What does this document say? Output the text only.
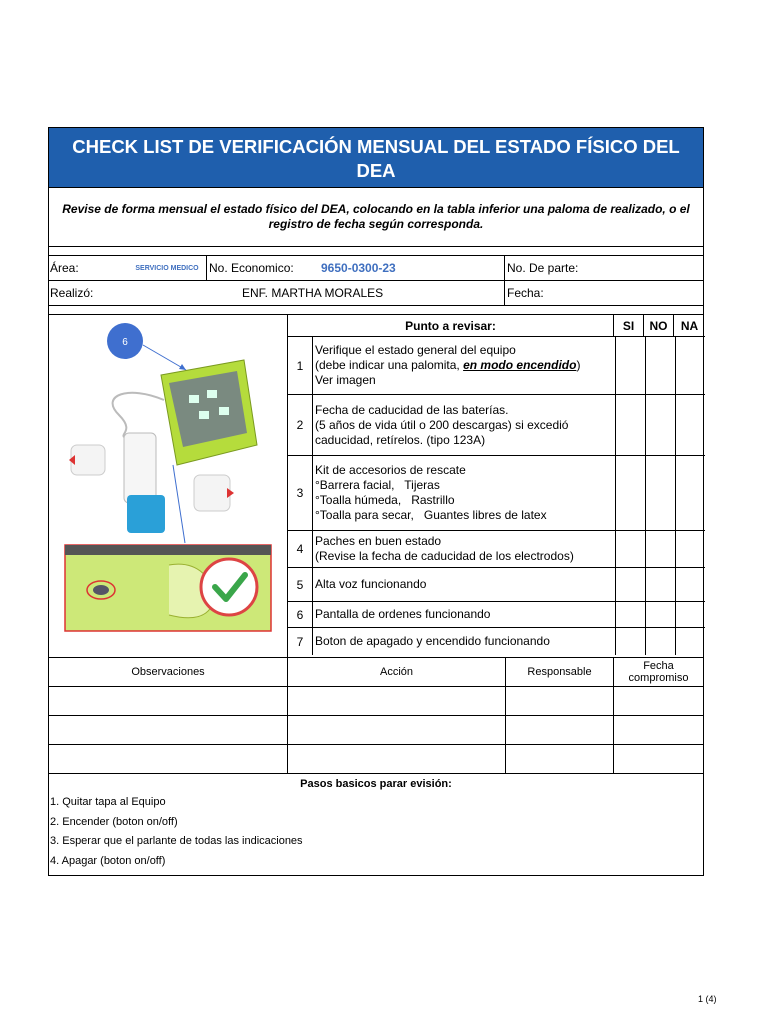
CHECK LIST DE VERIFICACIÓN MENSUAL DEL ESTADO FÍSICO DEL DEA
Revise de forma mensual el estado físico del DEA, colocando en la tabla inferior una paloma de realizado, o el registro de fecha según corresponda.
Área:	SERVICIO MEDICO No. Economico:	9650-0300-23	No. De parte:
Realizó:	ENF. MARTHA MORALES	Fecha:
6
Punto a revisar:	SI	NO	NA
1
Verifique el estado general del equipo
(debe indicar una palomita, en modo encendido)
Ver imagen
2
Fecha de caducidad de las baterías.
(5 años de vida útil o 200 descargas) si excedió
caducidad, retírelos. (tipo 123A)
3
Kit de accesorios de rescate
°Barrera facial,   Tijeras
°Toalla húmeda,   Rastrillo
°Toalla para secar,   Guantes libres de latex
4
Paches en buen estado
(Revise la fecha de caducidad de los electrodos)
5 Alta voz funcionando
6 Pantalla de ordenes funcionando
7 Boton de apagado y encendido funcionando
Observaciones	Acción	Responsable	Fecha compromiso
Pasos basicos parar evisión:
1. Quitar tapa al Equipo
2. Encender (boton on/off)
3. Esperar que el parlante de todas las indicaciones
4. Apagar (boton on/off)
1 (4)
